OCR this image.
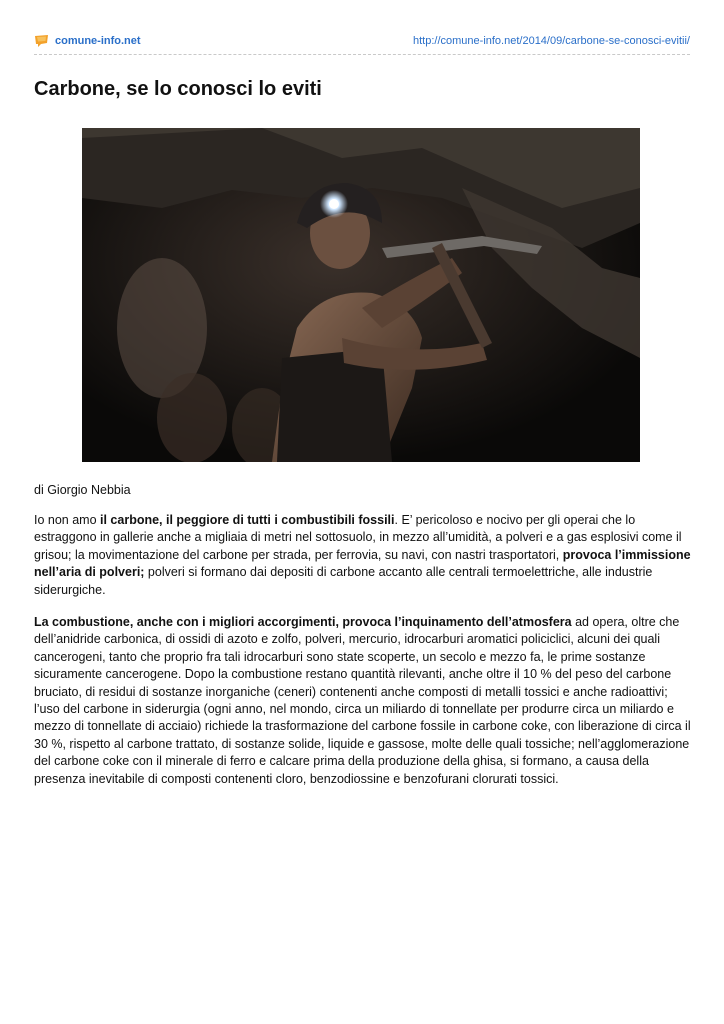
comune-info.net	http://comune-info.net/2014/09/carbone-se-conosci-evitii/
Carbone, se lo conosci lo eviti

di Giorgio Nebbia

Io non amo il carbone, il peggiore di tutti i combustibili fossili. E’ pericoloso e nocivo per gli operai che lo estraggono in gallerie anche a migliaia di metri nel sottosuolo, in mezzo all’umidità, a polveri e a gas esplosivi come il grisou; la movimentazione del carbone per strada, per ferrovia, su navi, con nastri trasportatori, provoca l’immissione nell’aria di polveri; polveri si formano dai depositi di carbone accanto alle centrali termoelettriche, alle industrie siderurgiche.

La combustione, anche con i migliori accorgimenti, provoca l’inquinamento dell’atmosfera ad opera, oltre che dell’anidride carbonica, di ossidi di azoto e zolfo, polveri, mercurio, idrocarburi aromatici policiclici, alcuni dei quali cancerogeni, tanto che proprio fra tali idrocarburi sono state scoperte, un secolo e mezzo fa, le prime sostanze sicuramente cancerogene. Dopo la combustione restano quantità rilevanti, anche oltre il 10 % del peso del carbone bruciato, di residui di sostanze inorganiche (ceneri) contenenti anche composti di metalli tossici e anche radioattivi; l’uso del carbone in siderurgia (ogni anno, nel mondo, circa un miliardo di tonnellate per produrre circa un miliardo e mezzo di tonnellate di acciaio) richiede la trasformazione del carbone fossile in carbone coke, con liberazione di circa il 30 %, rispetto al carbone trattato, di sostanze solide, liquide e gassose, molte delle quali tossiche; nell’agglomerazione del carbone coke con il minerale di ferro e calcare prima della produzione della ghisa, si formano, a causa della presenza inevitabile di composti contenenti cloro, benzodiossine e benzofurani clorurati tossici.
